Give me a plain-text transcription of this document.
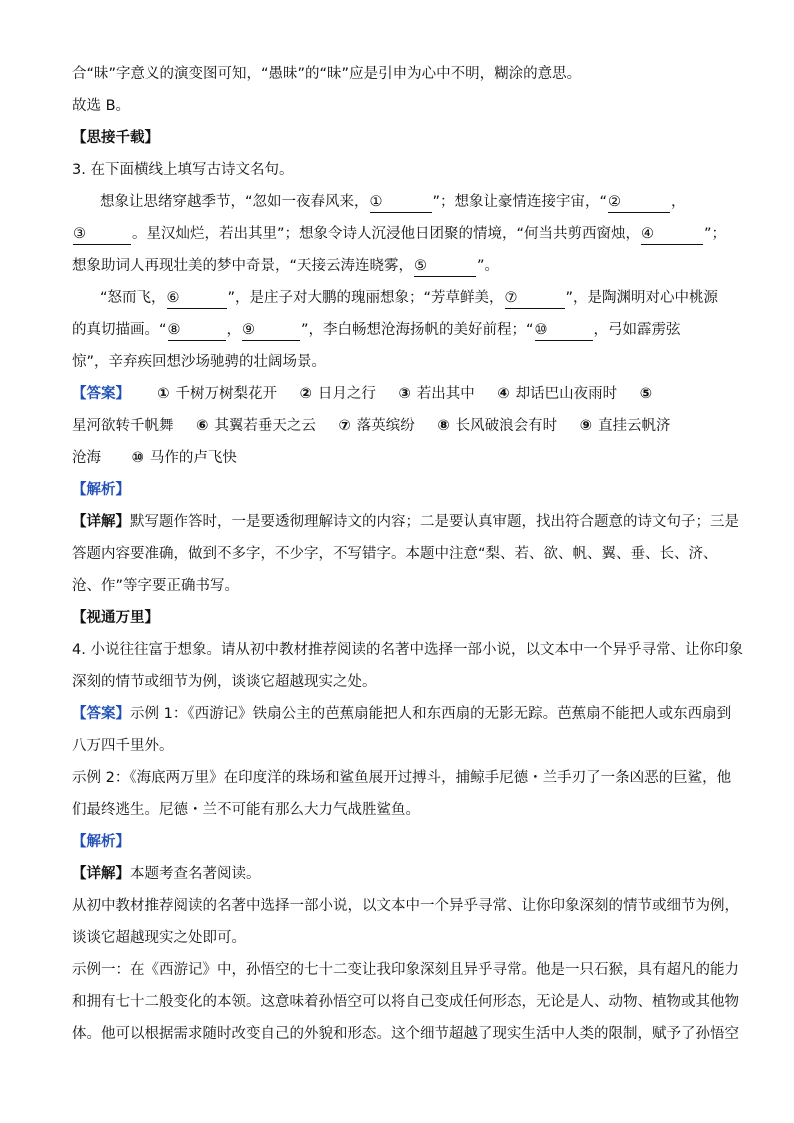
合“昧”字意义的演变图可知，“愚昧”的“昧”应是引申为心中不明，糊涂的意思。
故选 B。
【思接千载】
3. 在下面横线上填写古诗文名句。
想象让思绪穿越季节，“忽如一夜春风来，①	”；想象让豪情连接宇宙，“②	，
③	。星汉灿烂，若出其里”；想象令诗人沉浸他日团聚的情境，“何当共剪西窗烛，④	”；
想象助词人再现壮美的梦中奇景，“天接云涛连晓雾，⑤	”。
“怒而飞，⑥	”，是庄子对大鹏的瑰丽想象；“芳草鲜美，⑦	”，是陶渊明对心中桃源
的真切描画。“⑧	，⑨	”，李白畅想沧海扬帆的美好前程；“⑩	，弓如霹雳弦
惊”，辛弃疾回想沙场驰骋的壮阔场景。
【答案】 ① 千树万树梨花开 ② 日月之行 ③ 若出其中 ④ 却话巴山夜雨时 ⑤
星河欲转千帆舞 ⑥ 其翼若垂天之云 ⑦ 落英缤纷 ⑧ 长风破浪会有时 ⑨ 直挂云帆济
沧海 ⑩ 马作的卢飞快
【解析】
【详解】默写题作答时，一是要透彻理解诗文的内容；二是要认真审题，找出符合题意的诗文句子；三是
答题内容要准确，做到不多字，不少字，不写错字。本题中注意“梨、若、欲、帆、翼、垂、长、济、
沧、作”等字要正确书写。
【视通万里】
4. 小说往往富于想象。请从初中教材推荐阅读的名著中选择一部小说，以文本中一个异乎寻常、让你印象
深刻的情节或细节为例，谈谈它超越现实之处。
【答案】示例 1：《西游记》铁扇公主的芭蕉扇能把人和东西扇的无影无踪。芭蕉扇不能把人或东西扇到
八万四千里外。
示例 2：《海底两万里》在印度洋的珠场和鲨鱼展开过搏斗，捕鲸手尼德・兰手刃了一条凶恶的巨鲨，他
们最终逃生。尼德・兰不可能有那么大力气战胜鲨鱼。
【解析】
【详解】本题考查名著阅读。
从初中教材推荐阅读的名著中选择一部小说，以文本中一个异乎寻常、让你印象深刻的情节或细节为例，
谈谈它超越现实之处即可。
示例一：在《西游记》中，孙悟空的七十二变让我印象深刻且异乎寻常。他是一只石猴，具有超凡的能力
和拥有七十二般变化的本领。这意味着孙悟空可以将自己变成任何形态，无论是人、动物、植物或其他物
体。他可以根据需求随时改变自己的外貌和形态。这个细节超越了现实生活中人类的限制，赋予了孙悟空
